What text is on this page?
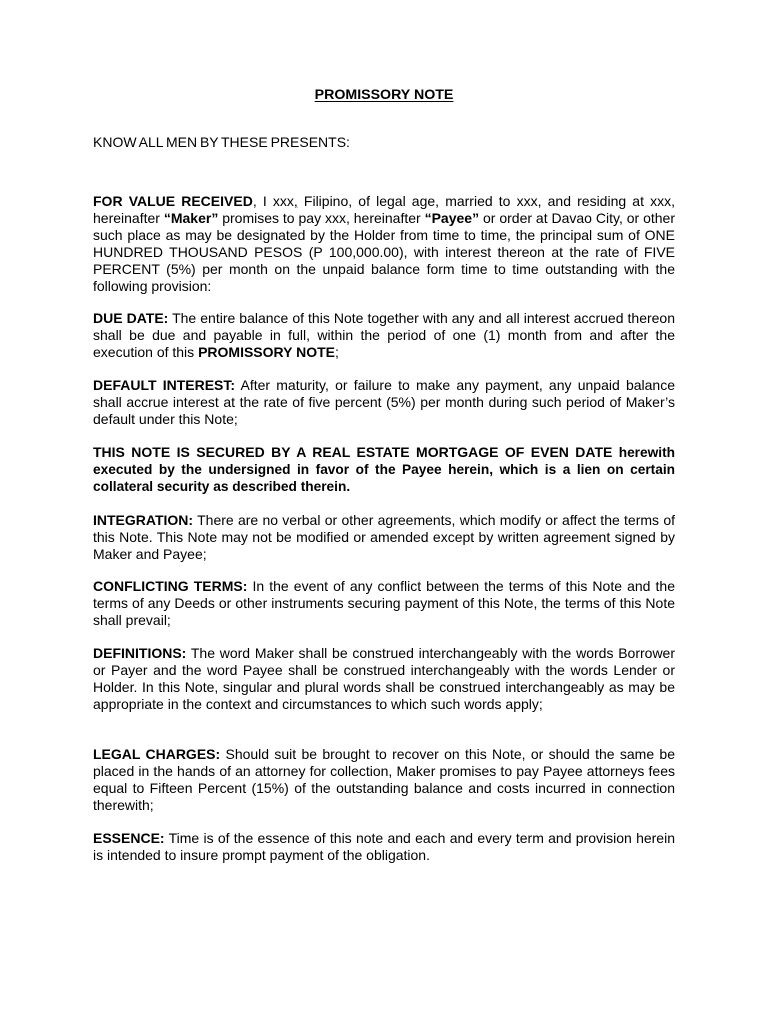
PROMISSORY NOTE

KNOW ALL MEN BY THESE PRESENTS:

FOR VALUE RECEIVED, I xxx, Filipino, of legal age, married to xxx, and residing at xxx, hereinafter “Maker” promises to pay xxx, hereinafter “Payee” or order at Davao City, or other such place as may be designated by the Holder from time to time, the principal sum of ONE HUNDRED THOUSAND PESOS (P 100,000.00), with interest thereon at the rate of FIVE PERCENT (5%) per month on the unpaid balance form time to time outstanding with the following provision:

DUE DATE: The entire balance of this Note together with any and all interest accrued thereon shall be due and payable in full, within the period of one (1) month from and after the execution of this PROMISSORY NOTE;

DEFAULT INTEREST: After maturity, or failure to make any payment, any unpaid balance shall accrue interest at the rate of five percent (5%) per month during such period of Maker’s default under this Note;

THIS NOTE IS SECURED BY A REAL ESTATE MORTGAGE OF EVEN DATE herewith executed by the undersigned in favor of the Payee herein, which is a lien on certain collateral security as described therein.

INTEGRATION: There are no verbal or other agreements, which modify or affect the terms of this Note. This Note may not be modified or amended except by written agreement signed by Maker and Payee;

CONFLICTING TERMS: In the event of any conflict between the terms of this Note and the terms of any Deeds or other instruments securing payment of this Note, the terms of this Note shall prevail;

DEFINITIONS: The word Maker shall be construed interchangeably with the words Borrower or Payer and the word Payee shall be construed interchangeably with the words Lender or Holder. In this Note, singular and plural words shall be construed interchangeably as may be appropriate in the context and circumstances to which such words apply;

LEGAL CHARGES: Should suit be brought to recover on this Note, or should the same be placed in the hands of an attorney for collection, Maker promises to pay Payee attorneys fees equal to Fifteen Percent (15%) of the outstanding balance and costs incurred in connection therewith;

ESSENCE: Time is of the essence of this note and each and every term and provision herein is intended to insure prompt payment of the obligation.
